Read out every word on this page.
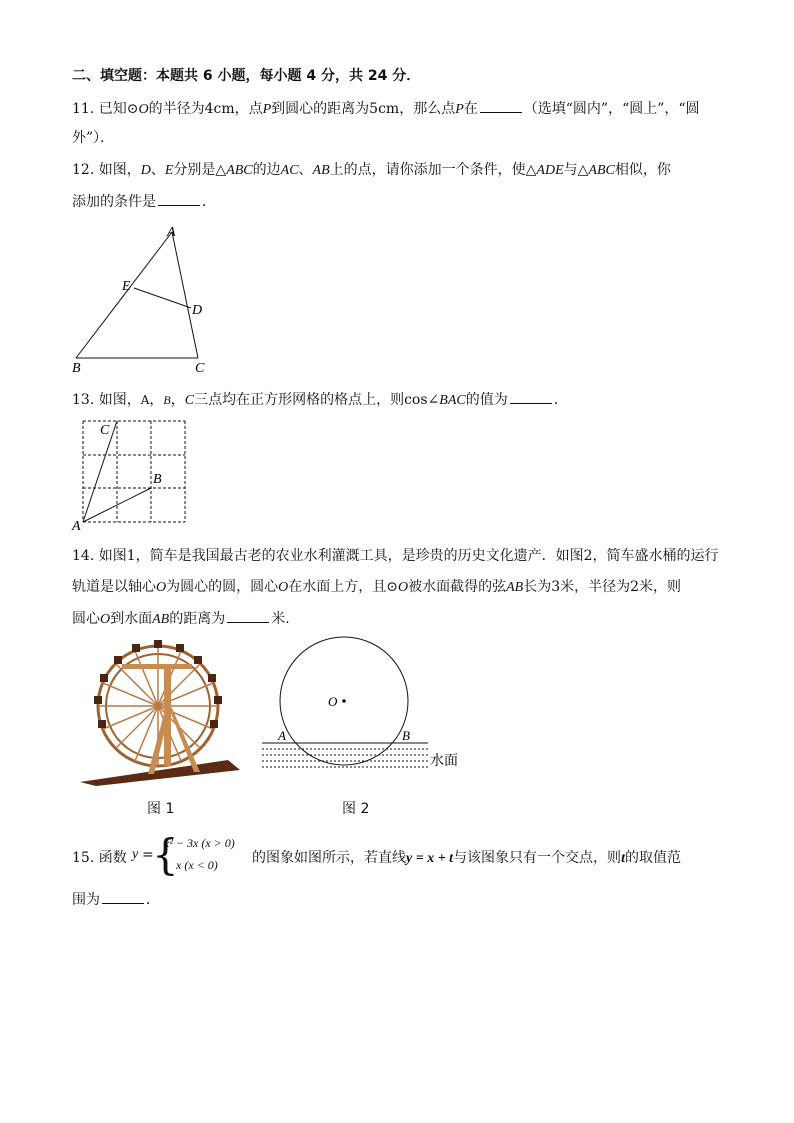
二、填空题：本题共 6 小题，每小题 4 分，共 24 分．
11. 已知⊙O的半径为4cm，点P到圆心的距离为5cm，那么点P在	（选填“圆内”，“圆上”，“圆
外”）．
12. 如图，D、E分别是△ABC的边AC、AB上的点，请你添加一个条件，使△ADE与△ABC相似，你
添加的条件是	．
A
E
D
B	C
13. 如图，A，B，C三点均在正方形网格的格点上，则cos∠BAC的值为	．
C
B
A
14. 如图1，简车是我国最古老的农业水利灌溉工具，是珍贵的历史文化遗产．如图2，简车盛水桶的运行
轨道是以轴心O为圆心的圆，圆心O在水面上方，且⊙O被水面截得的弦AB长为3米，半径为2米，则
圆心O到水面AB的距离为	米.
O
A	B
水面
图 1	图 2
15. 函数 y =
{
x² − 3x (x > 0)
x (x < 0) 的图象如图所示，若直线y = x + t与该图象只有一个交点，则t的取值范
围为	．
